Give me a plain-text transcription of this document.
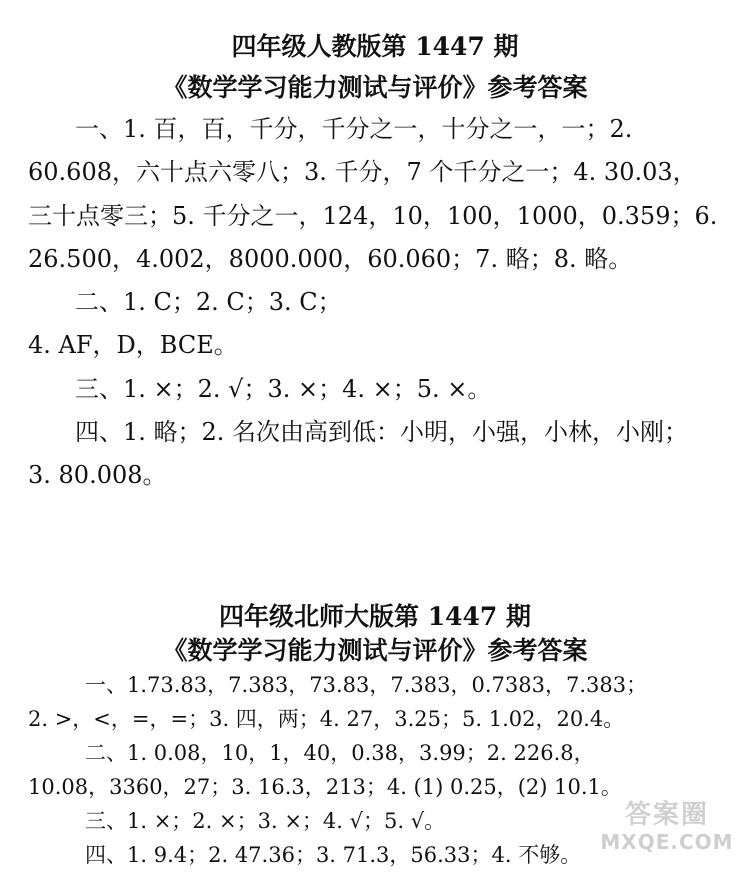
四年级人教版第 1447 期

《数学学习能力测试与评价》参考答案

一、1. 百，百，千分，千分之一，十分之一，一；2.

60.608，六十点六零八；3. 千分，7 个千分之一；4. 30.03，

三十点零三；5. 千分之一，124，10，100，1000，0.359；6.

26.500，4.002，8000.000，60.060；7. 略；8. 略。

二、1. C；2. C；3. C；

4. AF，D，BCE。

三、1. ×；2. √；3. ×；4. ×；5. ×。

四、1. 略；2. 名次由高到低：小明，小强，小林，小刚；

3. 80.008。

四年级北师大版第 1447 期

《数学学习能力测试与评价》参考答案

一、1.73.83，7.383，73.83，7.383，0.7383，7.383；

2. >，<，=，=；3. 四，两；4. 27，3.25；5. 1.02，20.4。

二、1. 0.08，10，1，40，0.38，3.99；2. 226.8，

10.08，3360，27；3. 16.3，213；4. (1) 0.25，(2) 10.1。

三、1. ×；2. ×；3. ×；4. √；5. √。

四、1. 9.4；2. 47.36；3. 71.3，56.33；4. 不够。

答案圈
MXQE.COM
